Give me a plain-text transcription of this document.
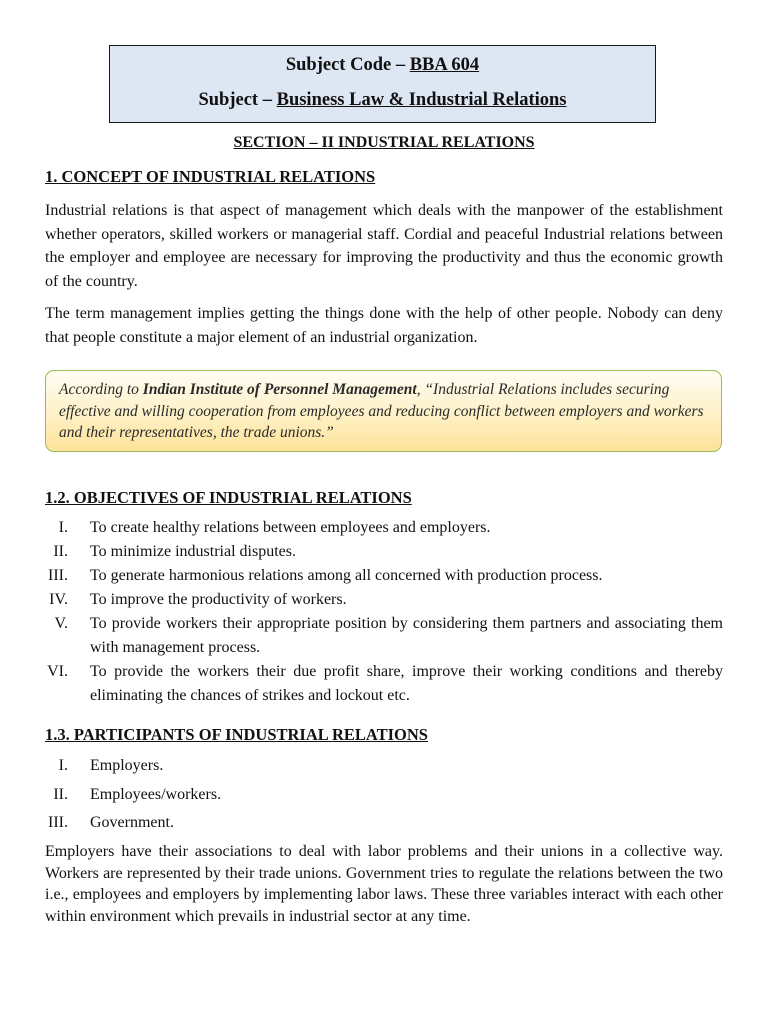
Subject Code – BBA 604
Subject – Business Law & Industrial Relations
SECTION – II INDUSTRIAL RELATIONS
1. CONCEPT OF INDUSTRIAL RELATIONS

Industrial relations is that aspect of management which deals with the manpower of the establishment whether operators, skilled workers or managerial staff. Cordial and peaceful Industrial relations between the employer and employee are necessary for improving the productivity and thus the economic growth of the country.

The term management implies getting the things done with the help of other people. Nobody can deny that people constitute a major element of an industrial organization.

According to Indian Institute of Personnel Management, “Industrial Relations includes securing effective and willing cooperation from employees and reducing conflict between employers and workers and their representatives, the trade unions.”
1.2. OBJECTIVES OF INDUSTRIAL RELATIONS
I. To create healthy relations between employees and employers.
II. To minimize industrial disputes.
III. To generate harmonious relations among all concerned with production process.
IV. To improve the productivity of workers.
V. To provide workers their appropriate position by considering them partners and associating them with management process.
VI. To provide the workers their due profit share, improve their working conditions and thereby eliminating the chances of strikes and lockout etc.
1.3. PARTICIPANTS OF INDUSTRIAL RELATIONS
I. Employers.
II. Employees/workers.
III. Government.

Employers have their associations to deal with labor problems and their unions in a collective way. Workers are represented by their trade unions. Government tries to regulate the relations between the two i.e., employees and employers by implementing labor laws. These three variables interact with each other within environment which prevails in industrial sector at any time.
